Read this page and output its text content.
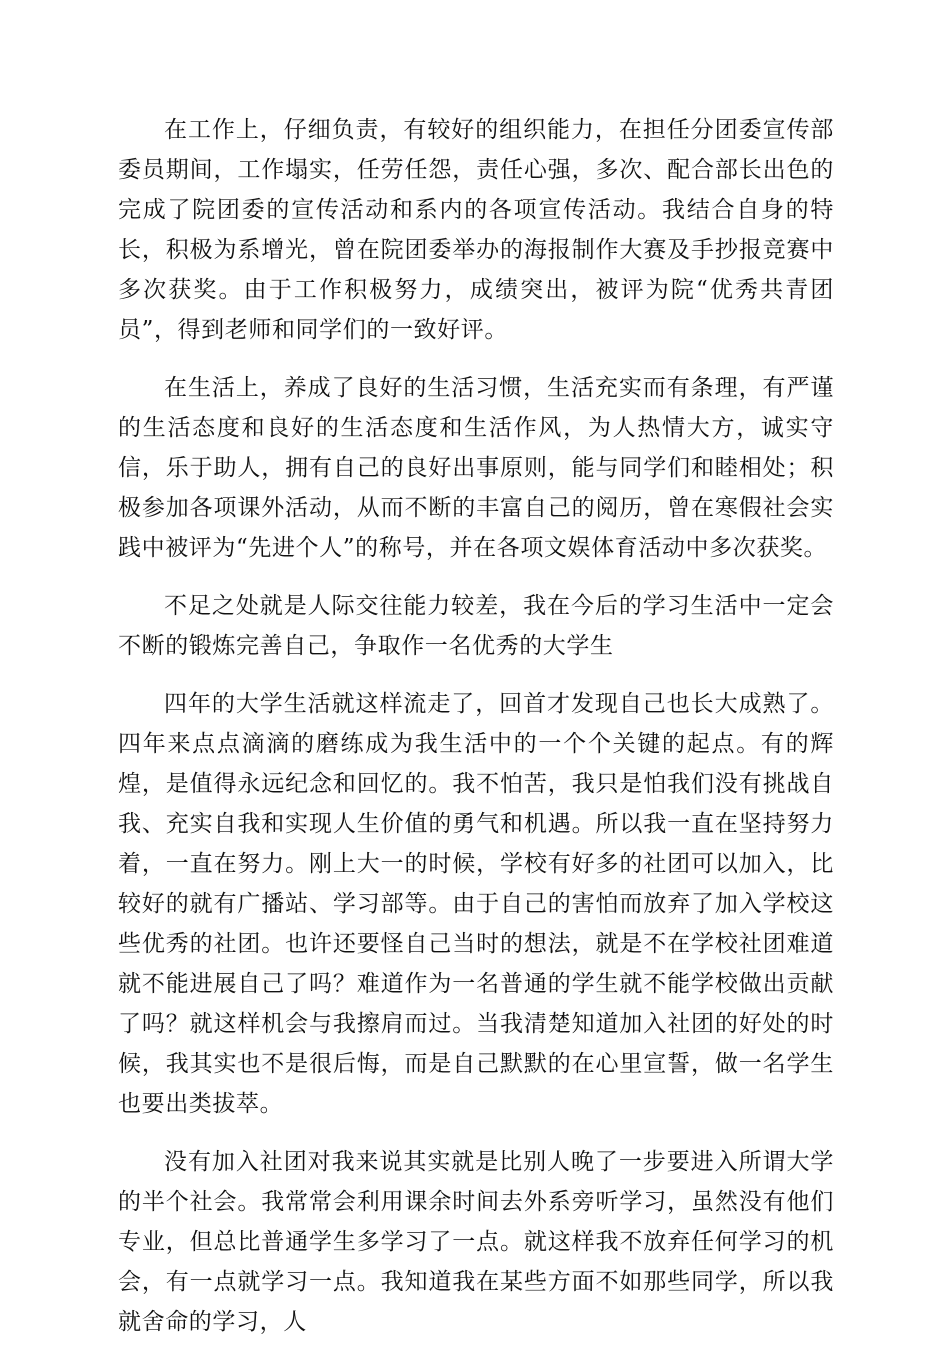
在工作上，仔细负责，有较好的组织能力，在担任分团委宣传部委员期间，工作塌实，任劳任怨，责任心强，多次、配合部长出色的完成了院团委的宣传活动和系内的各项宣传活动。我结合自身的特长，积极为系增光，曾在院团委举办的海报制作大赛及手抄报竞赛中多次获奖。由于工作积极努力，成绩突出，被评为院“优秀共青团员”，得到老师和同学们的一致好评。

在生活上，养成了良好的生活习惯，生活充实而有条理，有严谨的生活态度和良好的生活态度和生活作风，为人热情大方，诚实守信，乐于助人，拥有自己的良好出事原则，能与同学们和睦相处；积极参加各项课外活动，从而不断的丰富自己的阅历，曾在寒假社会实践中被评为“先进个人”的称号，并在各项文娱体育活动中多次获奖。

不足之处就是人际交往能力较差，我在今后的学习生活中一定会不断的锻炼完善自己，争取作一名优秀的大学生

四年的大学生活就这样流走了，回首才发现自己也长大成熟了。四年来点点滴滴的磨练成为我生活中的一个个关键的起点。有的辉煌，是值得永远纪念和回忆的。我不怕苦，我只是怕我们没有挑战自我、充实自我和实现人生价值的勇气和机遇。所以我一直在坚持努力着，一直在努力。刚上大一的时候，学校有好多的社团可以加入，比较好的就有广播站、学习部等。由于自己的害怕而放弃了加入学校这些优秀的社团。也许还要怪自己当时的想法，就是不在学校社团难道就不能进展自己了吗？难道作为一名普通的学生就不能学校做出贡献了吗？就这样机会与我擦肩而过。当我清楚知道加入社团的好处的时候，我其实也不是很后悔，而是自己默默的在心里宣誓，做一名学生也要出类拔萃。

没有加入社团对我来说其实就是比别人晚了一步要进入所谓大学的半个社会。我常常会利用课余时间去外系旁听学习，虽然没有他们专业，但总比普通学生多学习了一点。就这样我不放弃任何学习的机会，有一点就学习一点。我知道我在某些方面不如那些同学，所以我就舍命的学习，人
